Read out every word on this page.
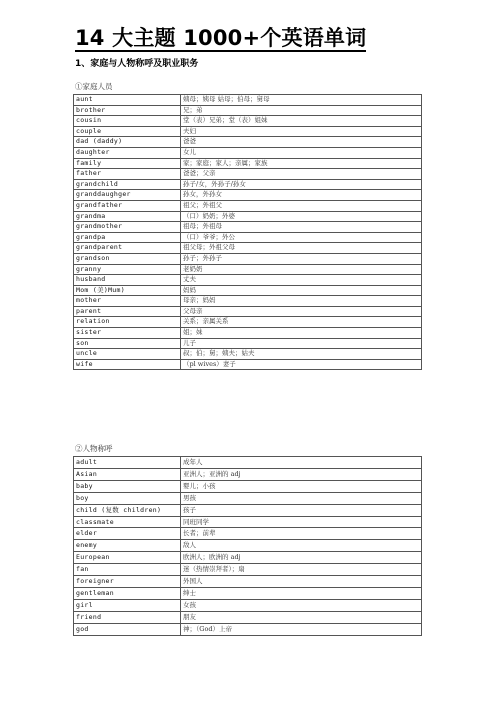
14 大主题 1000+个英语单词
1、家庭与人物称呼及职业职务
①家庭人员
aunt	姨母；姨母 姑母；伯母；舅母
brother	兄；弟
cousin	堂（表）兄弟；堂（表）姐妹
couple	夫妇
dad (daddy)	爸爸
daughter	女儿
family	家；家庭；家人；亲属；家族
father	爸爸；父亲
grandchild	孙子/女，外孙子/孙女
granddaughger	孙女，外孙女
grandfather	祖父；外祖父
grandma	（口）奶奶；外婆
grandmother	祖母；外祖母
grandpa	（口）爷爷；外公
grandparent	祖父母；外祖父母
grandson	孙子；外孙子
granny	老奶奶
husband	丈夫
Mom (美)Mum)	妈妈
mother	母亲；妈妈
parent	父母亲
relation	关系；亲属关系
sister	姐；妹
son	儿子
uncle	叔；伯；舅；姨夫；姑夫
wife	（pl wives）妻子
②人物称呼
adult	成年人
Asian	亚洲人；亚洲的 adj
baby	婴儿；小孩
boy	男孩
child (复数 children)	孩子
classmate	同班同学
elder	长者；前辈
enemy	敌人
European	欧洲人；欧洲的 adj
fan	迷（热情崇拜者）；扇
foreigner	外国人
gentleman	绅士
girl	女孩
friend	朋友
god	神；（God）上帝
